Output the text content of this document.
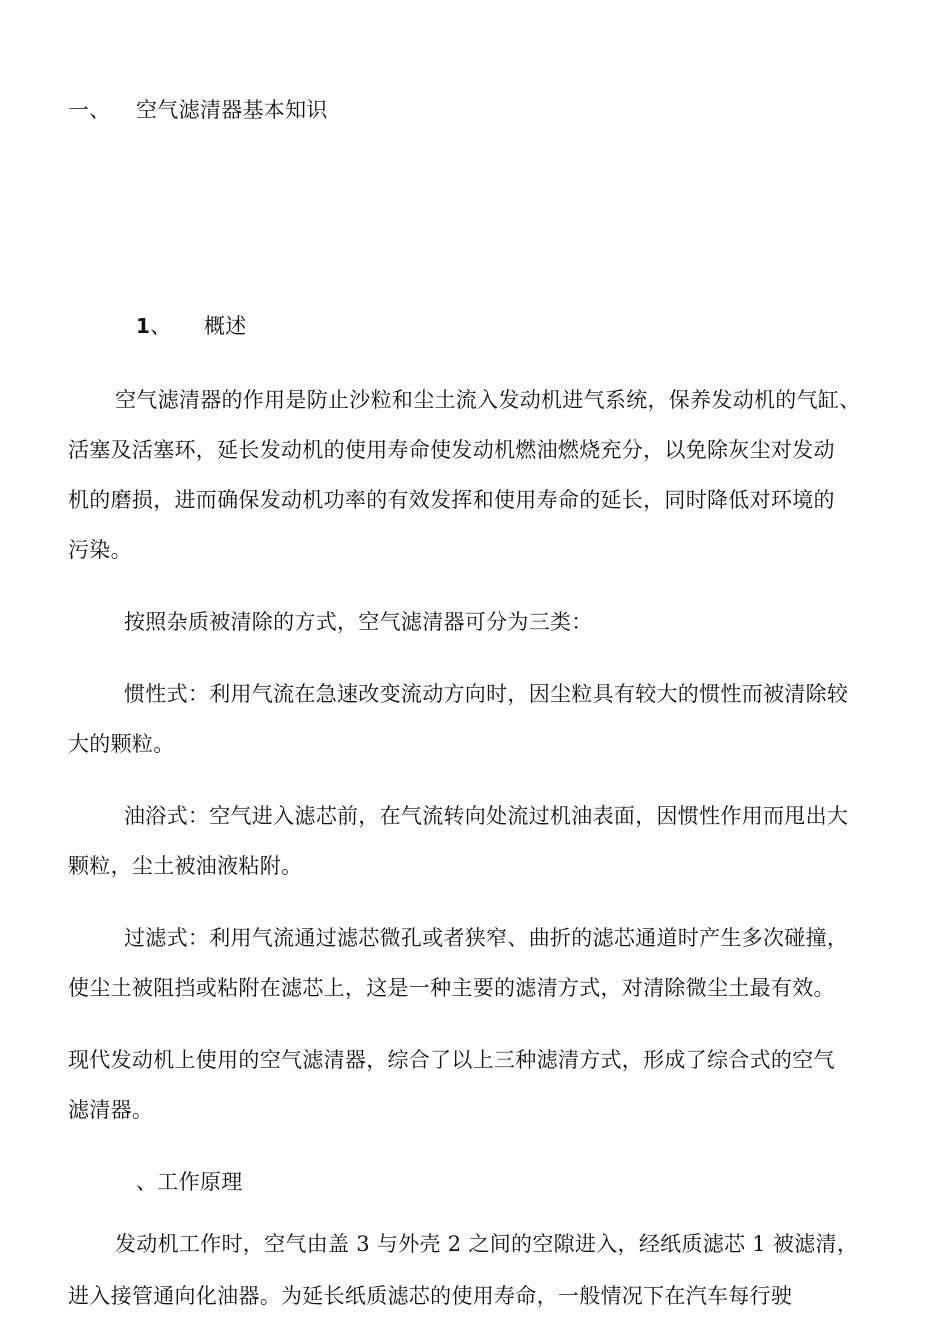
一、 空气滤清器基本知识
1、 概述
空气滤清器的作用是防止沙粒和尘土流入发动机进气系统，保养发动机的气缸、
活塞及活塞环，延长发动机的使用寿命使发动机燃油燃烧充分，以免除灰尘对发动
机的磨损，进而确保发动机功率的有效发挥和使用寿命的延长，同时降低对环境的
污染。
按照杂质被清除的方式，空气滤清器可分为三类：
惯性式：利用气流在急速改变流动方向时，因尘粒具有较大的惯性而被清除较
大的颗粒。
油浴式：空气进入滤芯前，在气流转向处流过机油表面，因惯性作用而甩出大
颗粒，尘土被油液粘附。
过滤式：利用气流通过滤芯微孔或者狭窄、曲折的滤芯通道时产生多次碰撞，
使尘土被阻挡或粘附在滤芯上，这是一种主要的滤清方式，对清除微尘土最有效。
现代发动机上使用的空气滤清器，综合了以上三种滤清方式，形成了综合式的空气
滤清器。
、工作原理
发动机工作时，空气由盖 3 与外壳 2 之间的空隙进入，经纸质滤芯 1 被滤清，
进入接管通向化油器。为延长纸质滤芯的使用寿命，一般情况下在汽车每行驶
